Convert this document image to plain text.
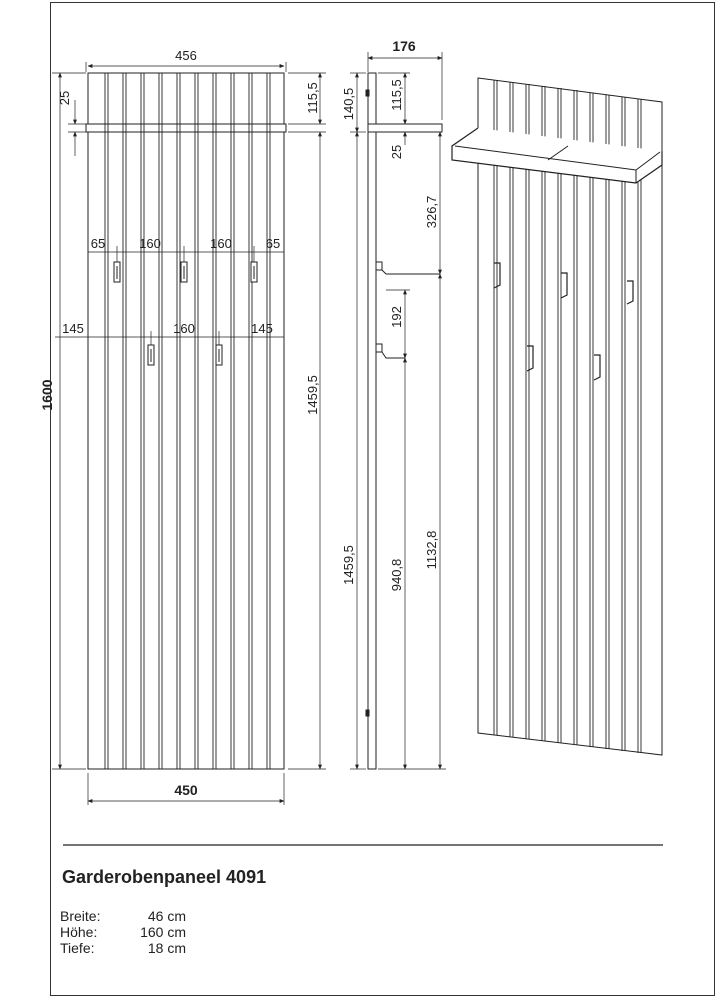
456
450
1600
25	115,5
1459,5
65	160	160	65
145	160	145
176
140,5	115,5
25
326,7
192
1459,5	940,8
1132,8
Garderobenpaneel 4091
Breite:	46 cm
Höhe:	160 cm
Tiefe:	18 cm
